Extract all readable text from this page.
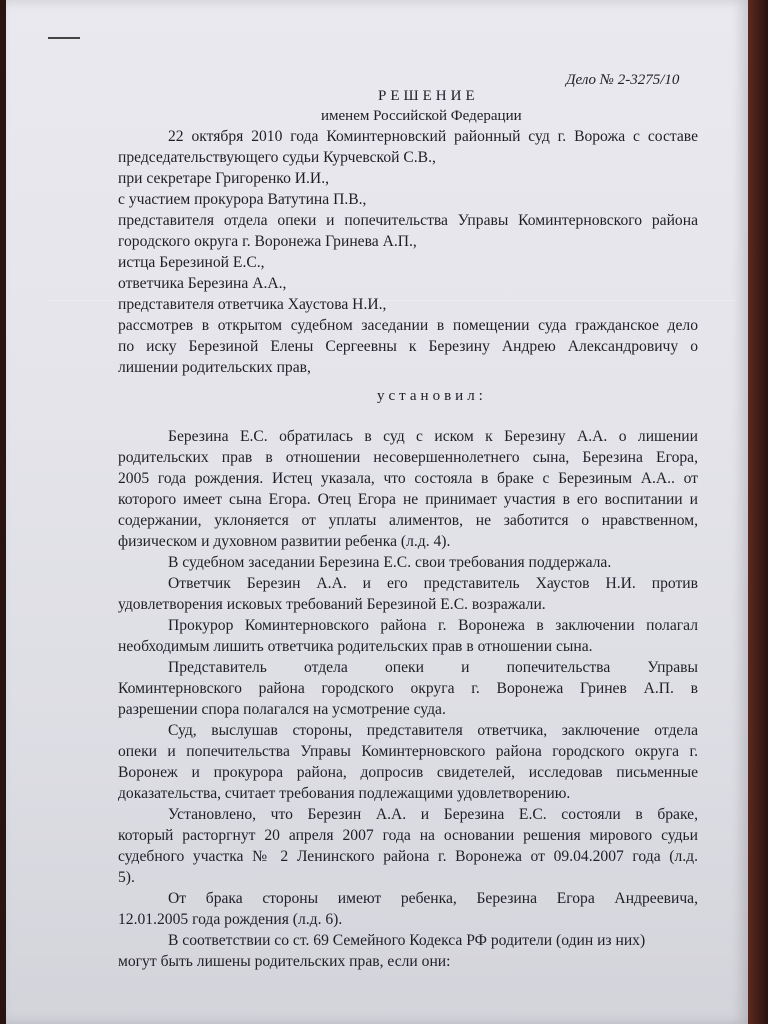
Дело № 2-3275/10
РЕШЕНИЕ
именем Российской Федерации
22 октября 2010 года Коминтерновский районный суд г. Ворожа с составе
председательствующего судьи Курчевской С.В.,
при секретаре Григоренко И.И.,
с участием прокурора Ватутина П.В.,
представителя отдела опеки и попечительства Управы Коминтерновского района
городского округа г. Воронежа Гринева А.П.,
истца Березиной Е.С.,
ответчика Березина А.А.,
представителя ответчика Хаустова Н.И.,
рассмотрев в открытом судебном заседании в помещении суда гражданское дело
по иску Березиной Елены Сергеевны к Березину Андрею Александровичу о
лишении родительских прав,
установил:
Березина Е.С. обратилась в суд с иском к Березину А.А. о лишении
родительских прав в отношении несовершеннолетнего сына, Березина Егора,
2005 года рождения. Истец указала, что состояла в браке с Березиным А.А.. от
которого имеет сына Егора. Отец Егора не принимает участия в его воспитании и
содержании, уклоняется от уплаты алиментов, не заботится о нравственном,
физическом и духовном развитии ребенка (л.д. 4).
В судебном заседании Березина Е.С. свои требования поддержала.
Ответчик Березин А.А. и его представитель Хаустов Н.И. против
удовлетворения исковых требований Березиной Е.С. возражали.
Прокурор Коминтерновского района г. Воронежа в заключении полагал
необходимым лишить ответчика родительских прав в отношении сына.
Представитель отдела опеки и попечительства Управы
Коминтерновского района городского округа г. Воронежа Гринев А.П. в
разрешении спора полагался на усмотрение суда.
Суд, выслушав стороны, представителя ответчика, заключение отдела
опеки и попечительства Управы Коминтерновского района городского округа г.
Воронеж и прокурора района, допросив свидетелей, исследовав письменные
доказательства, считает требования подлежащими удовлетворению.
Установлено, что Березин А.А. и Березина Е.С. состояли в браке,
который расторгнут 20 апреля 2007 года на основании решения мирового судьи
судебного участка № 2 Ленинского района г. Воронежа от 09.04.2007 года (л.д.
5).
От брака стороны имеют ребенка, Березина Егора Андреевича,
12.01.2005 года рождения (л.д. 6).
В соответствии со ст. 69 Семейного Кодекса РФ родители (один из них)
могут быть лишены родительских прав, если они:
